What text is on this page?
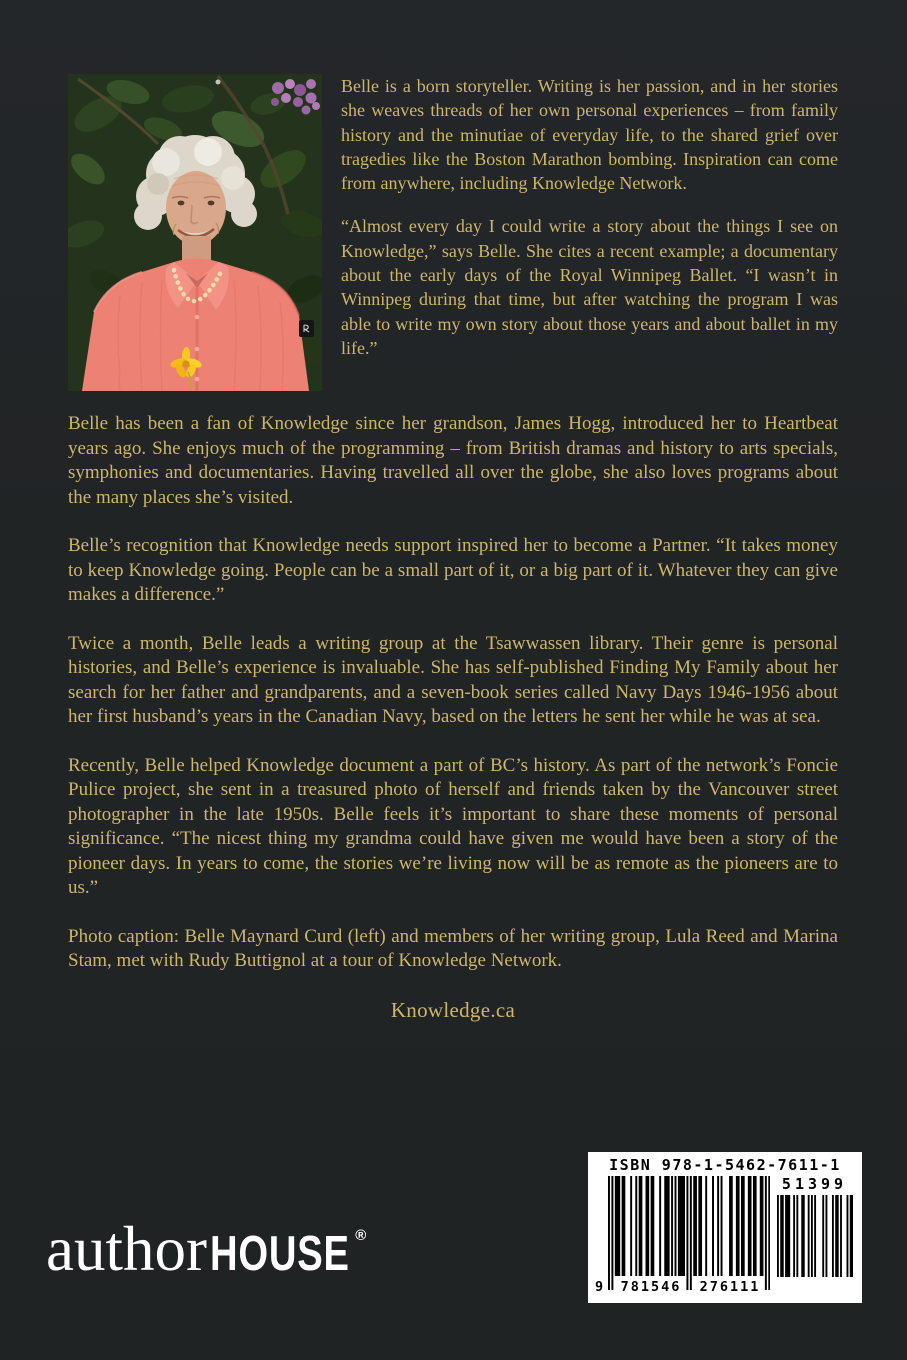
Belle is a born storyteller. Writing is her passion, and in her stories she weaves threads of her own personal experiences – from family history and the minutiae of everyday life, to the shared grief over tragedies like the Boston Marathon bombing. Inspiration can come from anywhere, including Knowledge Network.

“Almost every day I could write a story about the things I see on Knowledge,” says Belle. She cites a recent example; a documentary about the early days of the Royal Winnipeg Ballet. “I wasn’t in Winnipeg during that time, but after watching the program I was able to write my own story about those years and about ballet in my life.”

Belle has been a fan of Knowledge since her grandson, James Hogg, introduced her to Heartbeat years ago. She enjoys much of the programming – from British dramas and history to arts specials, symphonies and documentaries. Having travelled all over the globe, she also loves programs about the many places she’s visited.

Belle’s recognition that Knowledge needs support inspired her to become a Partner. “It takes money to keep Knowledge going. People can be a small part of it, or a big part of it. Whatever they can give makes a difference.”

Twice a month, Belle leads a writing group at the Tsawwassen library. Their genre is personal histories, and Belle’s experience is invaluable. She has self-published Finding My Family about her search for her father and grandparents, and a seven-book series called Navy Days 1946-1956 about her first husband’s years in the Canadian Navy, based on the letters he sent her while he was at sea.

Recently, Belle helped Knowledge document a part of BC’s history. As part of the network’s Foncie Pulice project, she sent in a treasured photo of herself and friends taken by the Vancouver street photographer in the late 1950s. Belle feels it’s important to share these moments of personal significance. “The nicest thing my grandma could have given me would have been a story of the pioneer days. In years to come, the stories we’re living now will be as remote as the pioneers are to us.”

Photo caption: Belle Maynard Curd (left) and members of her writing group, Lula Reed and Marina Stam, met with Rudy Buttignol at a tour of Knowledge Network.

Knowledge.ca
author HOUSE ®
ISBN 978-1-5462-7611-1
9 781546 276111
51399
